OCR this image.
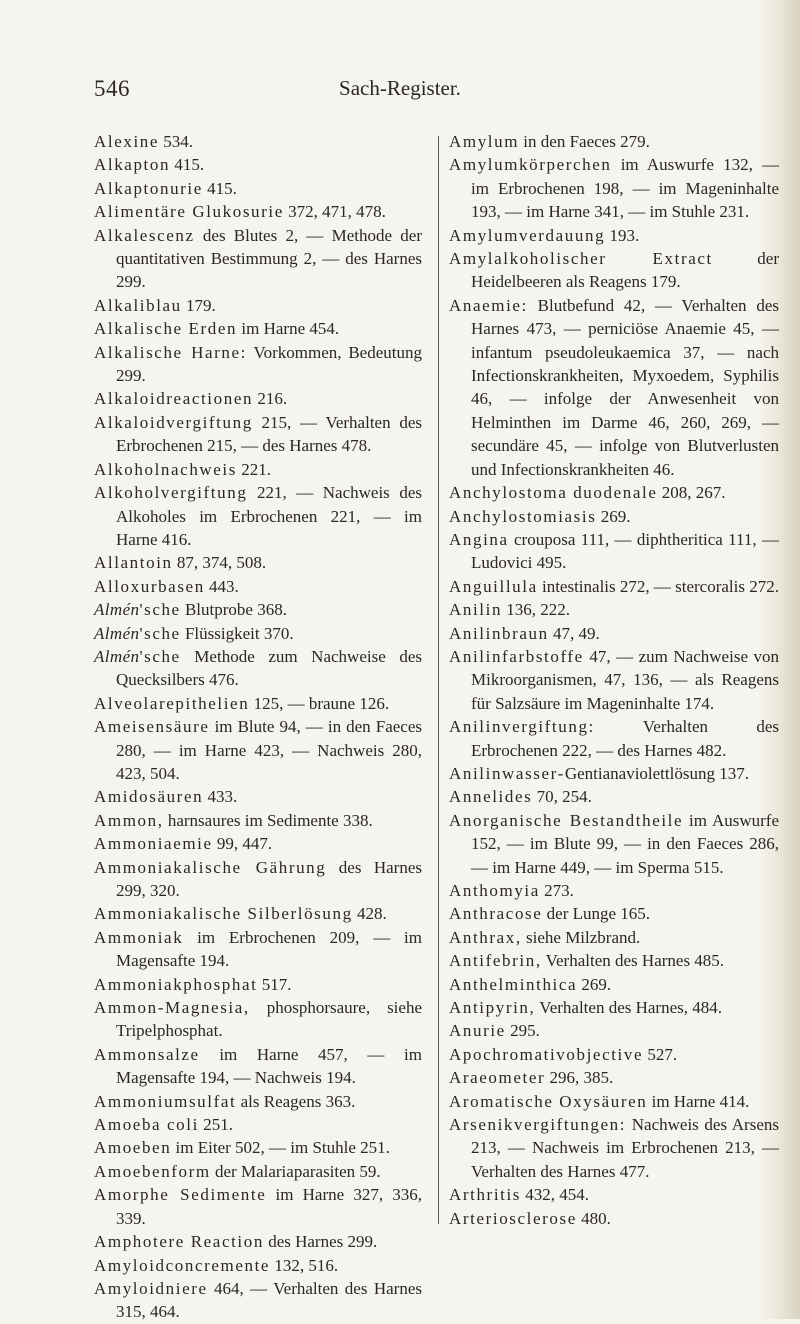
546	Sach-Register.

Alexine 534.

Alkapton 415.

Alkaptonurie 415.

Alimentäre Glukosurie 372, 471, 478.

Alkalescenz des Blutes 2, — Methode der quantitativen Bestimmung 2, — des Harnes 299.

Alkaliblau 179.

Alkalische Erden im Harne 454.

Alkalische Harne: Vorkommen, Bedeutung 299.

Alkaloidreactionen 216.

Alkaloidvergiftung 215, — Verhalten des Erbrochenen 215, — des Harnes 478.

Alkoholnachweis 221.

Alkoholvergiftung 221, — Nachweis des Alkoholes im Erbrochenen 221, — im Harne 416.

Allantoin 87, 374, 508.

Alloxurbasen 443.

Almén'sche Blutprobe 368.

Almén'sche Flüssigkeit 370.

Almén'sche Methode zum Nachweise des Quecksilbers 476.

Alveolarepithelien 125, — braune 126.

Ameisensäure im Blute 94, — in den Faeces 280, — im Harne 423, — Nachweis 280, 423, 504.

Amidosäuren 433.

Ammon, harnsaures im Sedimente 338.

Ammoniaemie 99, 447.

Ammoniakalische Gährung des Harnes 299, 320.

Ammoniakalische Silberlösung 428.

Ammoniak im Erbrochenen 209, — im Magensafte 194.

Ammoniakphosphat 517.

Ammon-Magnesia, phosphorsaure, siehe Tripelphosphat.

Ammonsalze im Harne 457, — im Magensafte 194, — Nachweis 194.

Ammoniumsulfat als Reagens 363.

Amoeba coli 251.

Amoeben im Eiter 502, — im Stuhle 251.

Amoebenform der Malariaparasiten 59.

Amorphe Sedimente im Harne 327, 336, 339.

Amphotere Reaction des Harnes 299.

Amyloidconcremente 132, 516.

Amyloidniere 464, — Verhalten des Harnes 315, 464.

Amylum in den Faeces 279.

Amylumkörperchen im Auswurfe 132, — im Erbrochenen 198, — im Mageninhalte 193, — im Harne 341, — im Stuhle 231.

Amylumverdauung 193.

Amylalkoholischer Extract der Heidelbeeren als Reagens 179.

Anaemie: Blutbefund 42, — Verhalten des Harnes 473, — perniciöse Anaemie 45, — infantum pseudoleukaemica 37, — nach Infectionskrankheiten, Myxoedem, Syphilis 46, — infolge der Anwesenheit von Helminthen im Darme 46, 260, 269, — secundäre 45, — infolge von Blutverlusten und Infectionskrankheiten 46.

Anchylostoma duodenale 208, 267.

Anchylostomiasis 269.

Angina crouposa 111, — diphtheritica 111, — Ludovici 495.

Anguillula intestinalis 272, — stercoralis 272.

Anilin 136, 222.

Anilinbraun 47, 49.

Anilinfarbstoffe 47, — zum Nachweise von Mikroorganismen, 47, 136, — als Reagens für Salzsäure im Mageninhalte 174.

Anilinvergiftung: Verhalten des Erbrochenen 222, — des Harnes 482.

Anilinwasser-Gentianaviolettlösung 137.

Annelides 70, 254.

Anorganische Bestandtheile im Auswurfe 152, — im Blute 99, — in den Faeces 286, — im Harne 449, — im Sperma 515.

Anthomyia 273.

Anthracose der Lunge 165.

Anthrax, siehe Milzbrand.

Antifebrin, Verhalten des Harnes 485.

Anthelminthica 269.

Antipyrin, Verhalten des Harnes, 484.

Anurie 295.

Apochromativobjective 527.

Araeometer 296, 385.

Aromatische Oxysäuren im Harne 414.

Arsenikvergiftungen: Nachweis des Arsens 213, — Nachweis im Erbrochenen 213, — Verhalten des Harnes 477.

Arthritis 432, 454.

Arteriosclerose 480.
